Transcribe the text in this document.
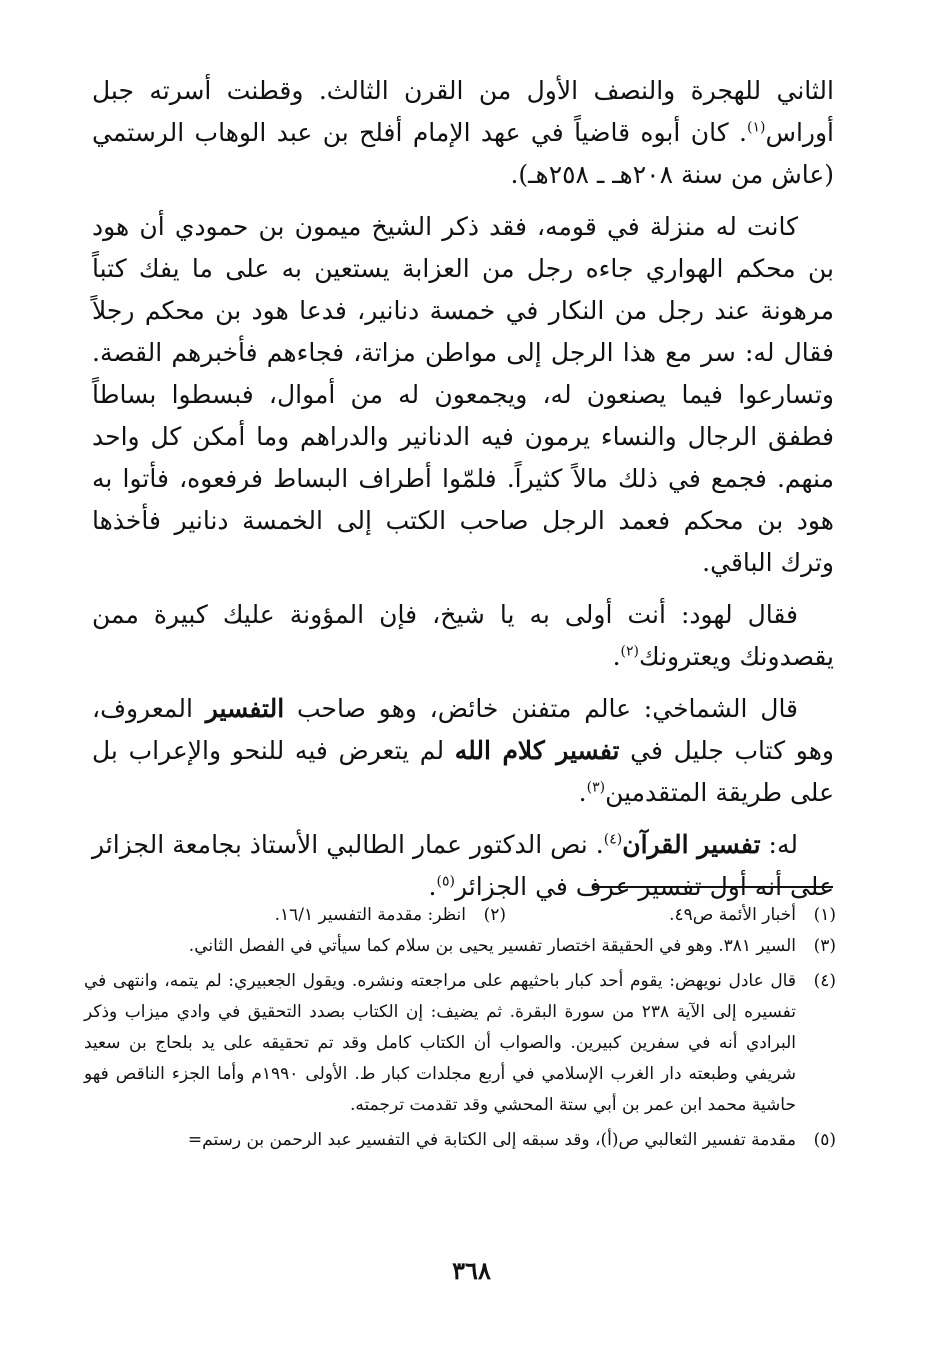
الثاني للهجرة والنصف الأول من القرن الثالث. وقطنت أسرته جبل أوراس$^{(١)}$. كان أبوه قاضياً في عهد الإمام أفلح بن عبد الوهاب الرستمي (عاش من سنة ٢٠٨هـ ـ ٢٥٨هـ).

كانت له منزلة في قومه، فقد ذكر الشيخ ميمون بن حمودي أن هود بن محكم الهواري جاءه رجل من العزابة يستعين به على ما يفك كتباً مرهونة عند رجل من النكار في خمسة دنانير، فدعا هود بن محكم رجلاً فقال له: سر مع هذا الرجل إلى مواطن مزاتة، فجاءهم فأخبرهم القصة. وتسارعوا فيما يصنعون له، ويجمعون له من أموال، فبسطوا بساطاً فطفق الرجال والنساء يرمون فيه الدنانير والدراهم وما أمكن كل واحد منهم. فجمع في ذلك مالاً كثيراً. فلمّوا أطراف البساط فرفعوه، فأتوا به هود بن محكم فعمد الرجل صاحب الكتب إلى الخمسة دنانير فأخذها وترك الباقي.

فقال لهود: أنت أولى به يا شيخ، فإن المؤونة عليك كبيرة ممن يقصدونك ويعترونك$^{(٢)}$.

قال الشماخي: عالم متفنن خائض، وهو صاحب التفسير المعروف، وهو كتاب جليل في تفسير كلام الله لم يتعرض فيه للنحو والإعراب بل على طريقة المتقدمين$^{(٣)}$.

له: تفسير القرآن$^{(٤)}$. نص الدكتور عمار الطالبي الأستاذ بجامعة الجزائر على أنه أول تفسير عرف في الجزائر$^{(٥)}$.

(١)
أخبار الأئمة ص٤٩.
(٢)
انظر: مقدمة التفسير ١٦/١.
(٣)
السير ٣٨١. وهو في الحقيقة اختصار تفسير يحيى بن سلام كما سيأتي في الفصل الثاني.
(٤)
قال عادل نويهض: يقوم أحد كبار باحثيهم على مراجعته ونشره. ويقول الجعبيري: لم يتمه، وانتهى في تفسيره إلى الآية ٢٣٨ من سورة البقرة. ثم يضيف: إن الكتاب بصدد التحقيق في وادي ميزاب وذكر البرادي أنه في سفرين كبيرين. والصواب أن الكتاب كامل وقد تم تحقيقه على يد بلحاج بن سعيد شريفي وطبعته دار الغرب الإسلامي في أربع مجلدات كبار ط. الأولى ١٩٩٠م وأما الجزء الناقص فهو حاشية محمد ابن عمر بن أبي ستة المحشي وقد تقدمت ترجمته.
(٥)
مقدمة تفسير الثعالبي ص(أ)، وقد سبقه إلى الكتابة في التفسير عبد الرحمن بن رستم=
٣٦٨
